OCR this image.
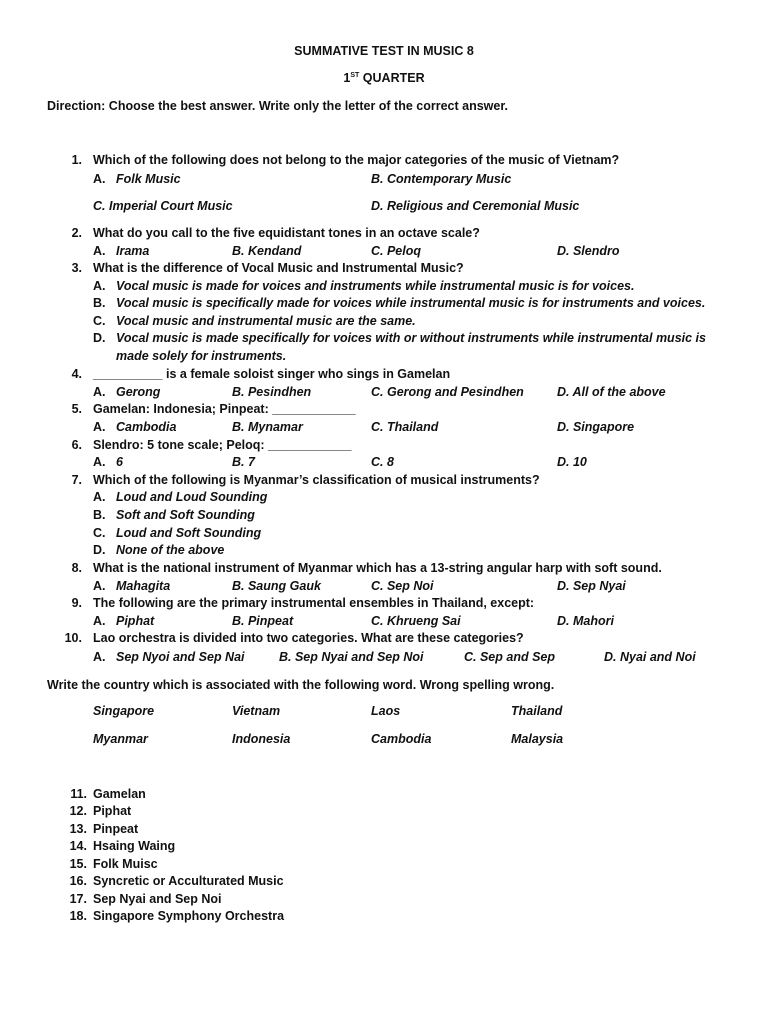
SUMMATIVE TEST IN MUSIC 8
1ST QUARTER
Direction: Choose the best answer. Write only the letter of the correct answer.
1. Which of the following does not belong to the major categories of the music of Vietnam?
A. Folk Music	B. Contemporary Music
C. Imperial Court Music	D. Religious and Ceremonial Music
2. What do you call to the five equidistant tones in an octave scale?
A. Irama	B. Kendand	C. Peloq	D. Slendro
3. What is the difference of Vocal Music and Instrumental Music?
A. Vocal music is made for voices and instruments while instrumental music is for voices.
B. Vocal music is specifically made for voices while instrumental music is for instruments and voices.
C. Vocal music and instrumental music are the same.
D. Vocal music is made specifically for voices with or without instruments while instrumental music is
made solely for instruments.
4. __________ is a female soloist singer who sings in Gamelan
A. Gerong	B. Pesindhen	C. Gerong and Pesindhen	D. All of the above
5. Gamelan: Indonesia; Pinpeat: ____________
A. Cambodia	B. Mynamar	C. Thailand	D. Singapore
6. Slendro: 5 tone scale; Peloq: ____________
A. 6	B. 7	C. 8	D. 10
7. Which of the following is Myanmar’s classification of musical instruments?
A. Loud and Loud Sounding
B. Soft and Soft Sounding
C. Loud and Soft Sounding
D. None of the above
8. What is the national instrument of Myanmar which has a 13-string angular harp with soft sound.
A. Mahagita	B. Saung Gauk	C. Sep Noi	D. Sep Nyai
9. The following are the primary instrumental ensembles in Thailand, except:
A. Piphat	B. Pinpeat	C. Khrueng Sai	D. Mahori
10. Lao orchestra is divided into two categories. What are these categories?
A. Sep Nyoi and Sep Nai	B. Sep Nyai and Sep Noi	C. Sep and Sep	D. Nyai and Noi
Write the country which is associated with the following word. Wrong spelling wrong.
Singapore	Vietnam	Laos	Thailand
Myanmar	Indonesia	Cambodia	Malaysia
11. Gamelan
12. Piphat
13. Pinpeat
14. Hsaing Waing
15. Folk Muisc
16. Syncretic or Acculturated Music
17. Sep Nyai and Sep Noi
18. Singapore Symphony Orchestra
